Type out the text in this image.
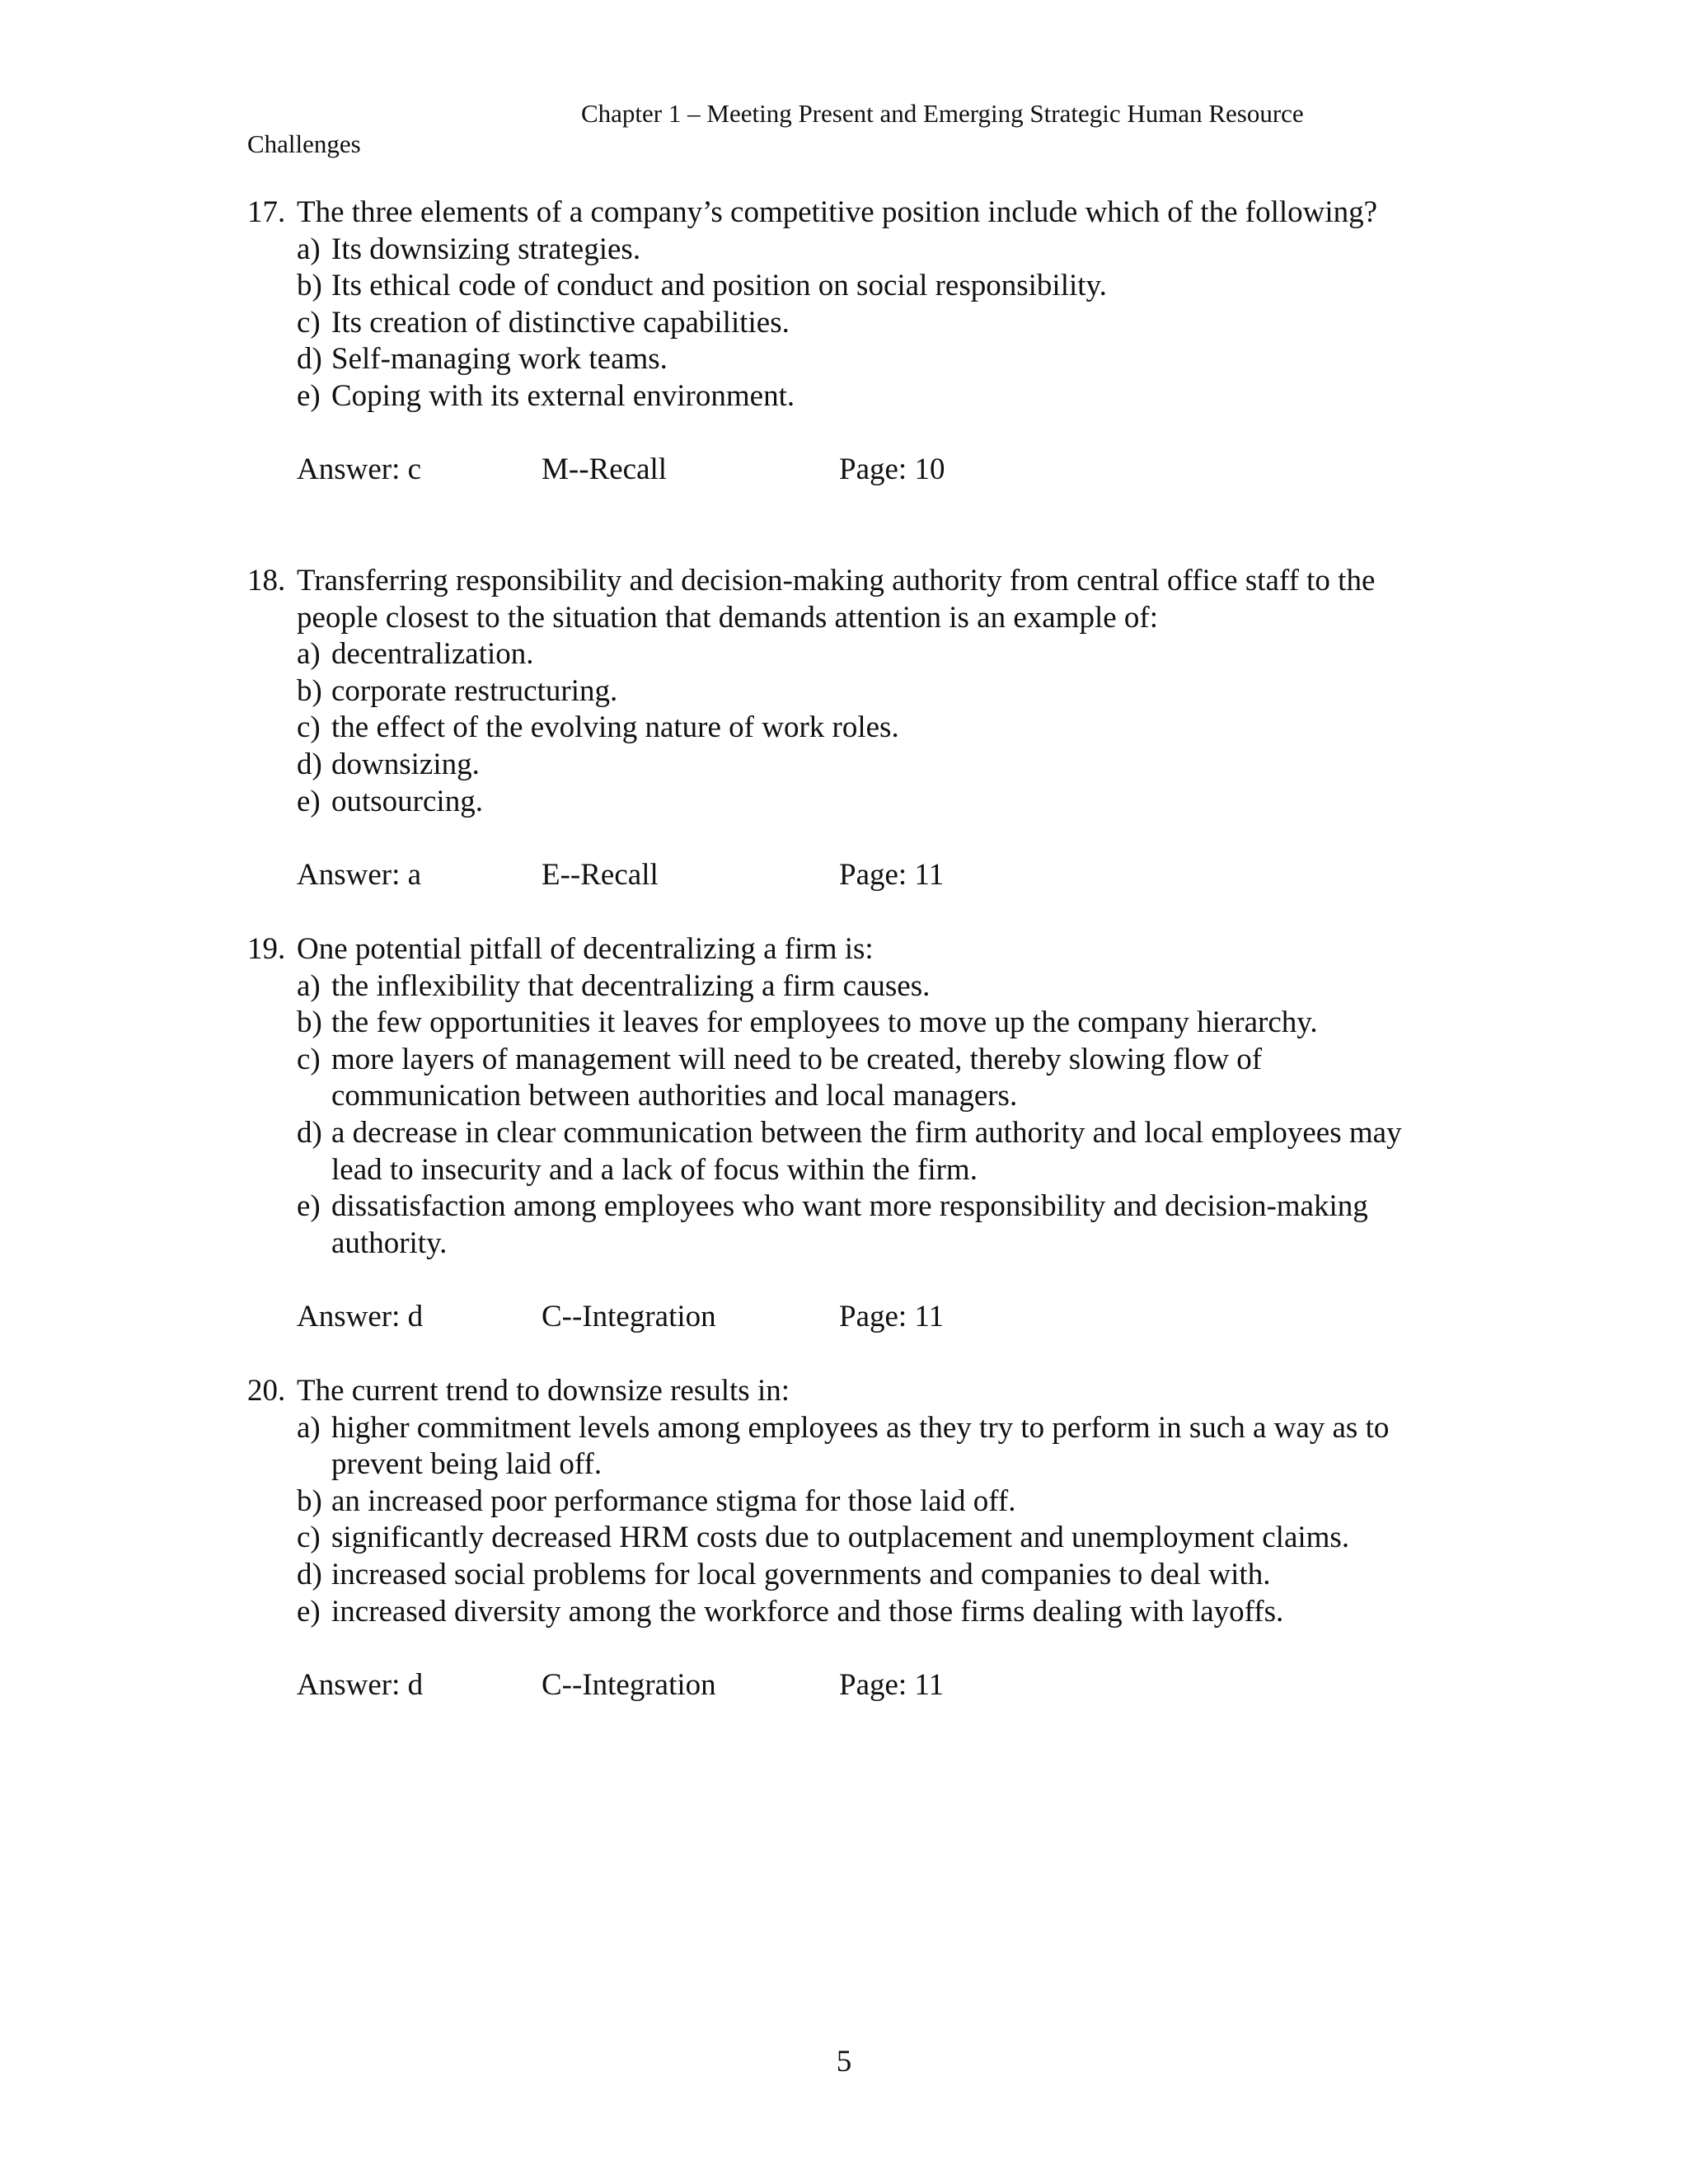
Chapter 1 – Meeting Present and Emerging Strategic Human Resource
Challenges
17. The three elements of a company’s competitive position include which of the following?
a) Its downsizing strategies.
b) Its ethical code of conduct and position on social responsibility.
c) Its creation of distinctive capabilities.
d) Self-managing work teams.
e) Coping with its external environment.
Answer: c	M--Recall	Page: 10
18. Transferring responsibility and decision-making authority from central office staff to the people closest to the situation that demands attention is an example of:
a) decentralization.
b) corporate restructuring.
c) the effect of the evolving nature of work roles.
d) downsizing.
e) outsourcing.
Answer: a	E--Recall	Page: 11
19. One potential pitfall of decentralizing a firm is:
a) the inflexibility that decentralizing a firm causes.
b) the few opportunities it leaves for employees to move up the company hierarchy.
c) more layers of management will need to be created, thereby slowing flow of communication between authorities and local managers.
d) a decrease in clear communication between the firm authority and local employees may lead to insecurity and a lack of focus within the firm.
e) dissatisfaction among employees who want more responsibility and decision-making authority.
Answer: d	C--Integration	Page: 11
20. The current trend to downsize results in:
a) higher commitment levels among employees as they try to perform in such a way as to prevent being laid off.
b) an increased poor performance stigma for those laid off.
c) significantly decreased HRM costs due to outplacement and unemployment claims.
d) increased social problems for local governments and companies to deal with.
e) increased diversity among the workforce and those firms dealing with layoffs.
Answer: d	C--Integration	Page: 11
5
